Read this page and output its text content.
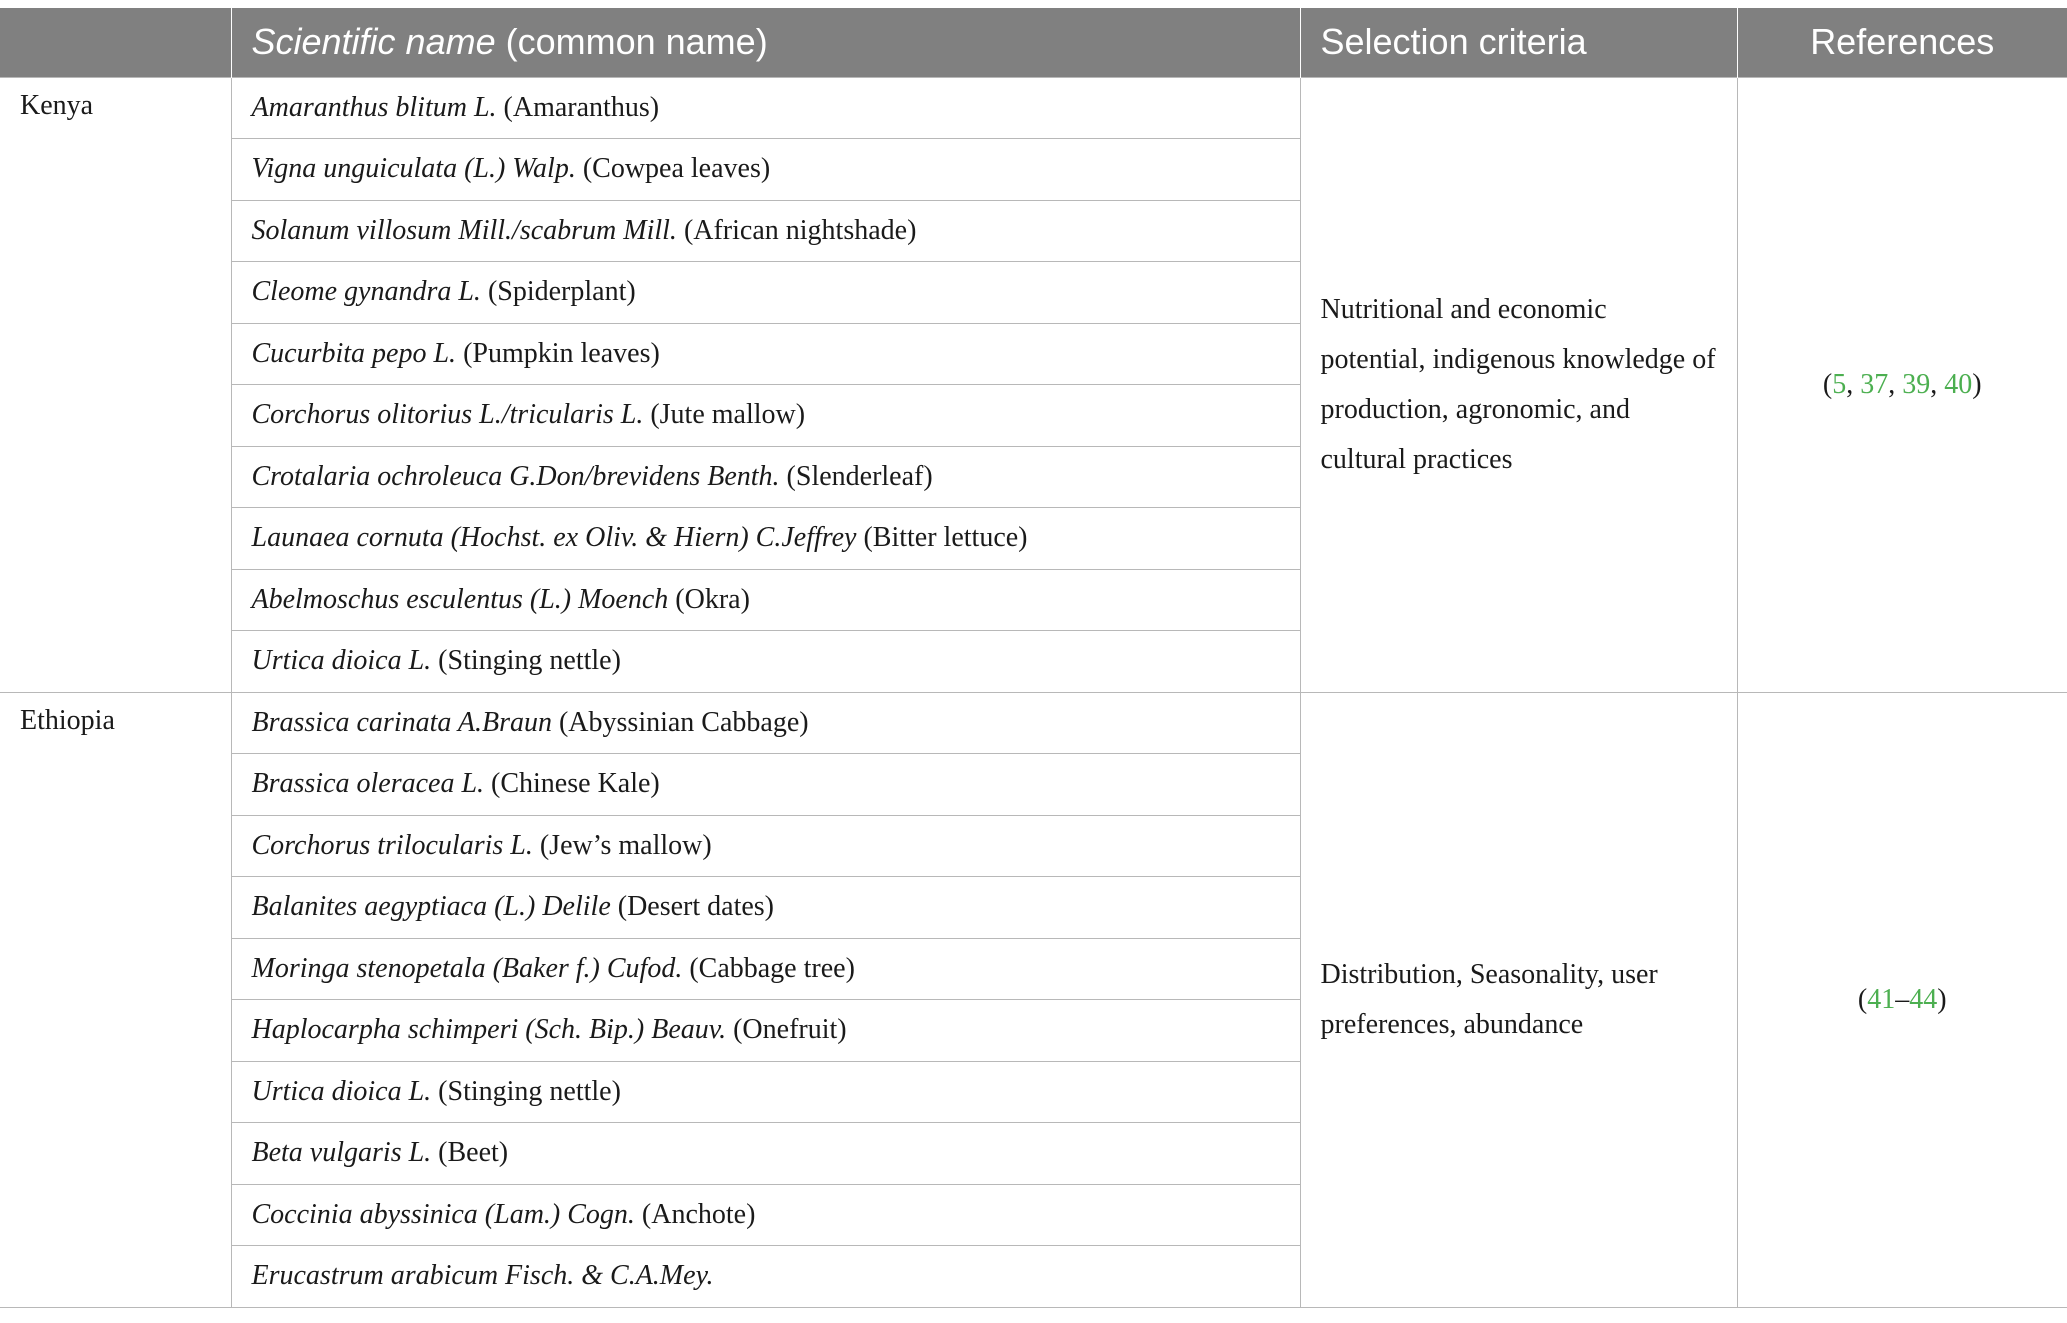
	Scientific name (common name)	Selection criteria	References
Kenya	Amaranthus blitum L. (Amaranthus)	Nutritional and economic potential, indigenous knowledge of production, agronomic, and cultural practices	(5, 37, 39, 40)
	Vigna unguiculata (L.) Walp. (Cowpea leaves)		
	Solanum villosum Mill./scabrum Mill. (African nightshade)		
	Cleome gynandra L. (Spiderplant)		
	Cucurbita pepo L. (Pumpkin leaves)		
	Corchorus olitorius L./tricularis L. (Jute mallow)		
	Crotalaria ochroleuca G.Don/brevidens Benth. (Slenderleaf)		
	Launaea cornuta (Hochst. ex Oliv. & Hiern) C.Jeffrey (Bitter lettuce)		
	Abelmoschus esculentus (L.) Moench (Okra)		
	Urtica dioica L. (Stinging nettle)		
Ethiopia	Brassica carinata A.Braun (Abyssinian Cabbage)	Distribution, Seasonality, user preferences, abundance	(41–44)
	Brassica oleracea L. (Chinese Kale)		
	Corchorus trilocularis L. (Jew’s mallow)		
	Balanites aegyptiaca (L.) Delile (Desert dates)		
	Moringa stenopetala (Baker f.) Cufod. (Cabbage tree)		
	Haplocarpha schimperi (Sch. Bip.) Beauv. (Onefruit)		
	Urtica dioica L. (Stinging nettle)		
	Beta vulgaris L. (Beet)		
	Coccinia abyssinica (Lam.) Cogn. (Anchote)		
	Erucastrum arabicum Fisch. & C.A.Mey.		
